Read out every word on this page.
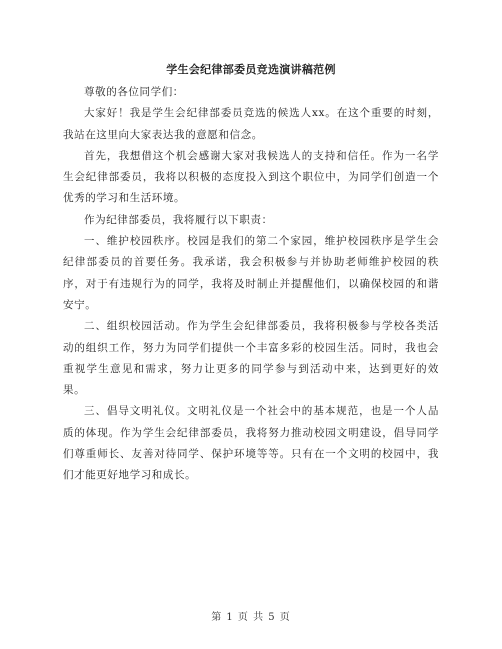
学生会纪律部委员竞选演讲稿范例

尊敬的各位同学们：

大家好！我是学生会纪律部委员竞选的候选人xx。在这个重要的时刻，我站在这里向大家表达我的意愿和信念。

首先，我想借这个机会感谢大家对我候选人的支持和信任。作为一名学生会纪律部委员，我将以积极的态度投入到这个职位中，为同学们创造一个优秀的学习和生活环境。

作为纪律部委员，我将履行以下职责：

一、维护校园秩序。校园是我们的第二个家园，维护校园秩序是学生会纪律部委员的首要任务。我承诺，我会积极参与并协助老师维护校园的秩序，对于有违规行为的同学，我将及时制止并提醒他们，以确保校园的和谐安宁。

二、组织校园活动。作为学生会纪律部委员，我将积极参与学校各类活动的组织工作，努力为同学们提供一个丰富多彩的校园生活。同时，我也会重视学生意见和需求，努力让更多的同学参与到活动中来，达到更好的效果。

三、倡导文明礼仪。文明礼仪是一个社会中的基本规范，也是一个人品质的体现。作为学生会纪律部委员，我将努力推动校园文明建设，倡导同学们尊重师长、友善对待同学、保护环境等等。只有在一个文明的校园中，我们才能更好地学习和成长。

第 1 页 共 5 页
